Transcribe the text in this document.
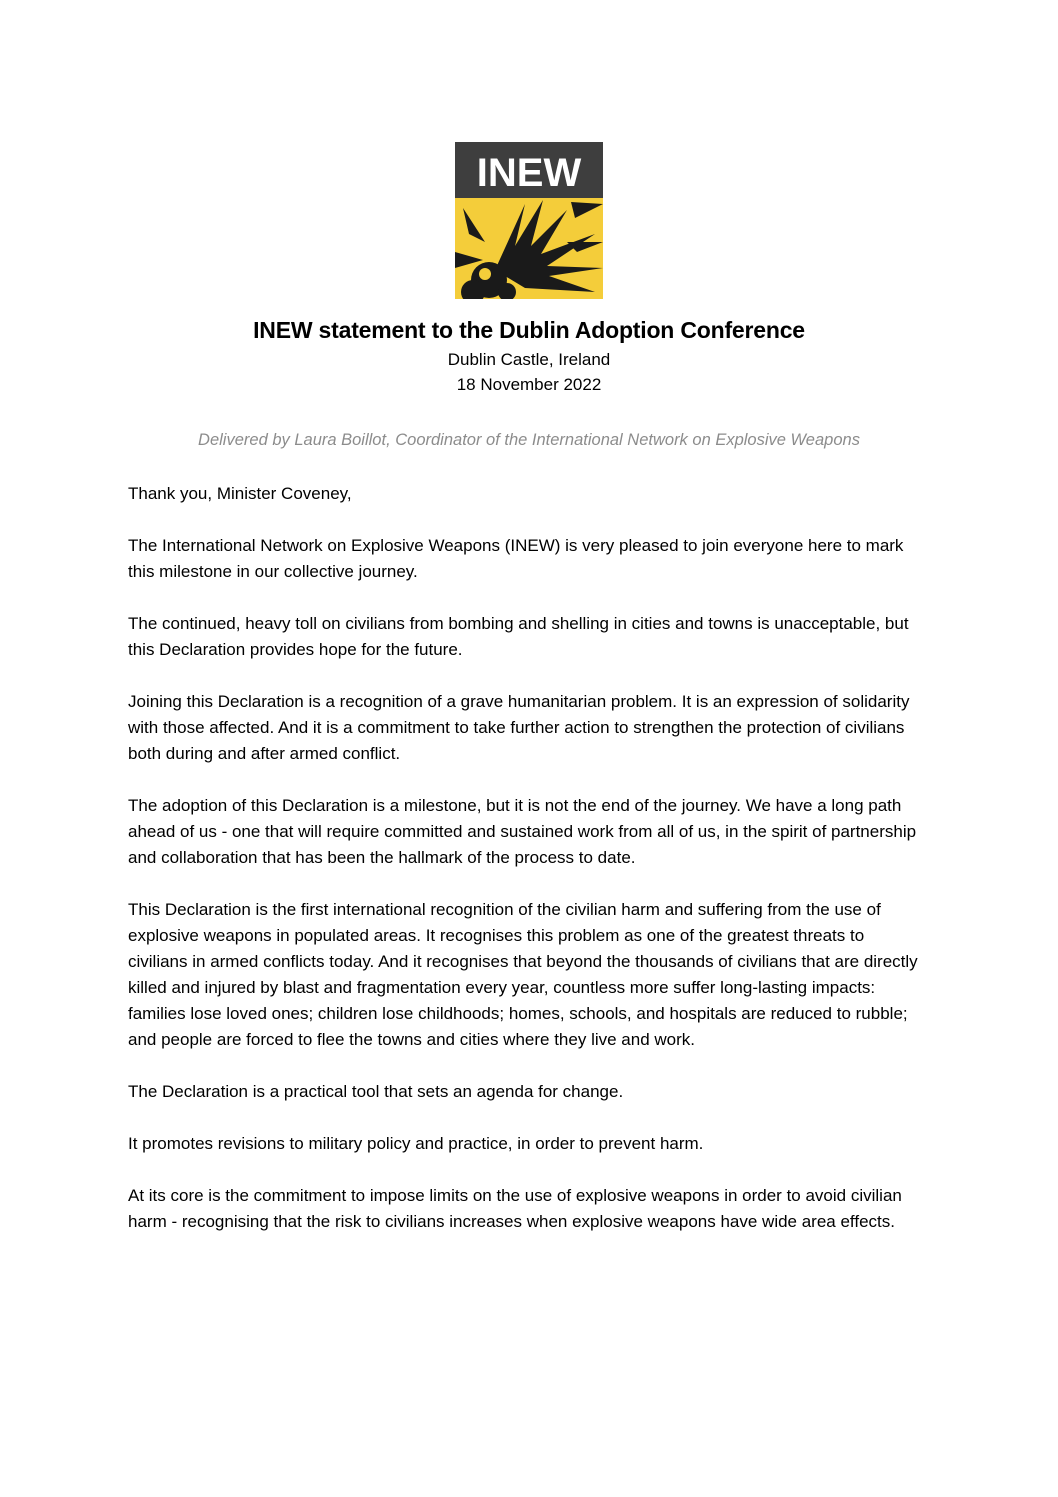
INEW
INEW statement to the Dublin Adoption Conference
Dublin Castle, Ireland
18 November 2022
Delivered by Laura Boillot, Coordinator of the International Network on Explosive Weapons

Thank you, Minister Coveney,

The International Network on Explosive Weapons (INEW) is very pleased to join everyone here to mark this milestone in our collective journey.

The continued, heavy toll on civilians from bombing and shelling in cities and towns is unacceptable, but this Declaration provides hope for the future.

Joining this Declaration is a recognition of a grave humanitarian problem. It is an expression of solidarity with those affected. And it is a commitment to take further action to strengthen the protection of civilians both during and after armed conflict.

The adoption of this Declaration is a milestone, but it is not the end of the journey. We have a long path ahead of us - one that will require committed and sustained work from all of us, in the spirit of partnership and collaboration that has been the hallmark of the process to date.

This Declaration is the first international recognition of the civilian harm and suffering from the use of explosive weapons in populated areas. It recognises this problem as one of the greatest threats to civilians in armed conflicts today. And it recognises that beyond the thousands of civilians that are directly killed and injured by blast and fragmentation every year, countless more suffer long-lasting impacts: families lose loved ones; children lose childhoods; homes, schools, and hospitals are reduced to rubble; and people are forced to flee the towns and cities where they live and work.

The Declaration is a practical tool that sets an agenda for change.

It promotes revisions to military policy and practice, in order to prevent harm.

At its core is the commitment to impose limits on the use of explosive weapons in order to avoid civilian harm - recognising that the risk to civilians increases when explosive weapons have wide area effects.
